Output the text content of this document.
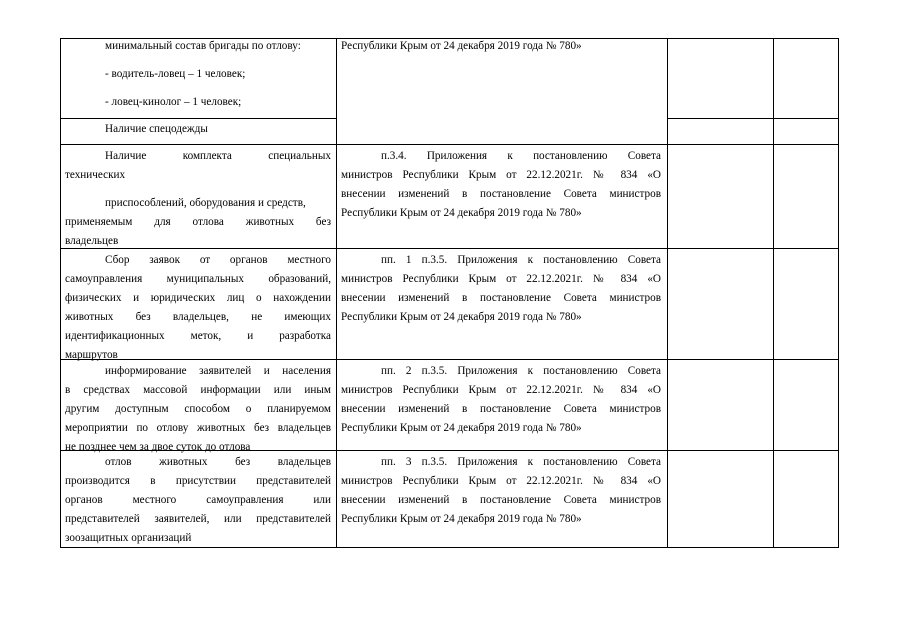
минимальный состав бригады по отлову:
- водитель-ловец – 1 человек;
- ловец-кинолог – 1 человек;
Республики Крым от 24 декабря 2019 года № 780»
Наличие спецодежды
Наличие комплекта специальных
технических
приспособлений, оборудования и средств,
применяемым для отлова животных без
владельцев
п.3.4. Приложения к постановлению Совета
министров Республики Крым от 22.12.2021г. № 834 «О
внесении изменений в постановление Совета министров
Республики Крым от 24 декабря 2019 года № 780»
Сбор заявок от органов местного
самоуправления муниципальных образований,
физических и юридических лиц о нахождении
животных без владельцев, не имеющих
идентификационных меток, и разработка
маршрутов
пп. 1 п.3.5. Приложения к постановлению Совета
министров Республики Крым от 22.12.2021г. № 834 «О
внесении изменений в постановление Совета министров
Республики Крым от 24 декабря 2019 года № 780»
информирование заявителей и населения
в средствах массовой информации или иным
другим доступным способом о планируемом
мероприятии по отлову животных без владельцев
не позднее чем за двое суток до отлова
пп. 2 п.3.5. Приложения к постановлению Совета
министров Республики Крым от 22.12.2021г. № 834 «О
внесении изменений в постановление Совета министров
Республики Крым от 24 декабря 2019 года № 780»
отлов животных без владельцев
производится в присутствии представителей
органов местного самоуправления или
представителей заявителей, или представителей
зоозащитных организаций
пп. 3 п.3.5. Приложения к постановлению Совета
министров Республики Крым от 22.12.2021г. № 834 «О
внесении изменений в постановление Совета министров
Республики Крым от 24 декабря 2019 года № 780»
